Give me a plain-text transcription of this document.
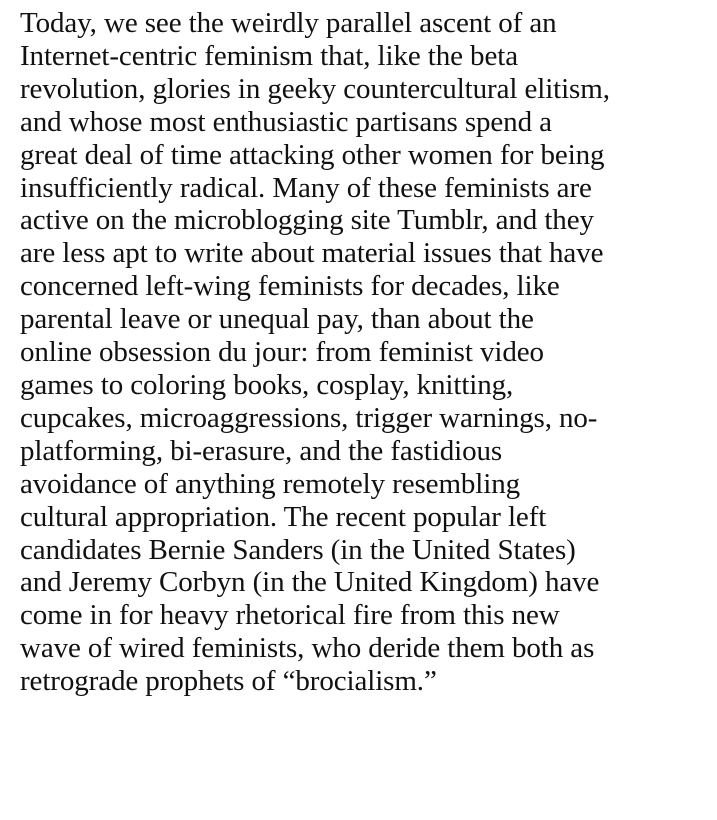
Today, we see the weirdly parallel ascent of an
Internet-centric feminism that, like the beta
revolution, glories in geeky countercultural elitism,
and whose most enthusiastic partisans spend a
great deal of time attacking other women for being
insufficiently radical. Many of these feminists are
active on the microblogging site Tumblr, and they
are less apt to write about material issues that have
concerned left-wing feminists for decades, like
parental leave or unequal pay, than about the
online obsession du jour: from feminist video
games to coloring books, cosplay, knitting,
cupcakes, microaggressions, trigger warnings, no-
platforming, bi-erasure, and the fastidious
avoidance of anything remotely resembling
cultural appropriation. The recent popular left
candidates Bernie Sanders (in the United States)
and Jeremy Corbyn (in the United Kingdom) have
come in for heavy rhetorical fire from this new
wave of wired feminists, who deride them both as
retrograde prophets of “brocialism.”
